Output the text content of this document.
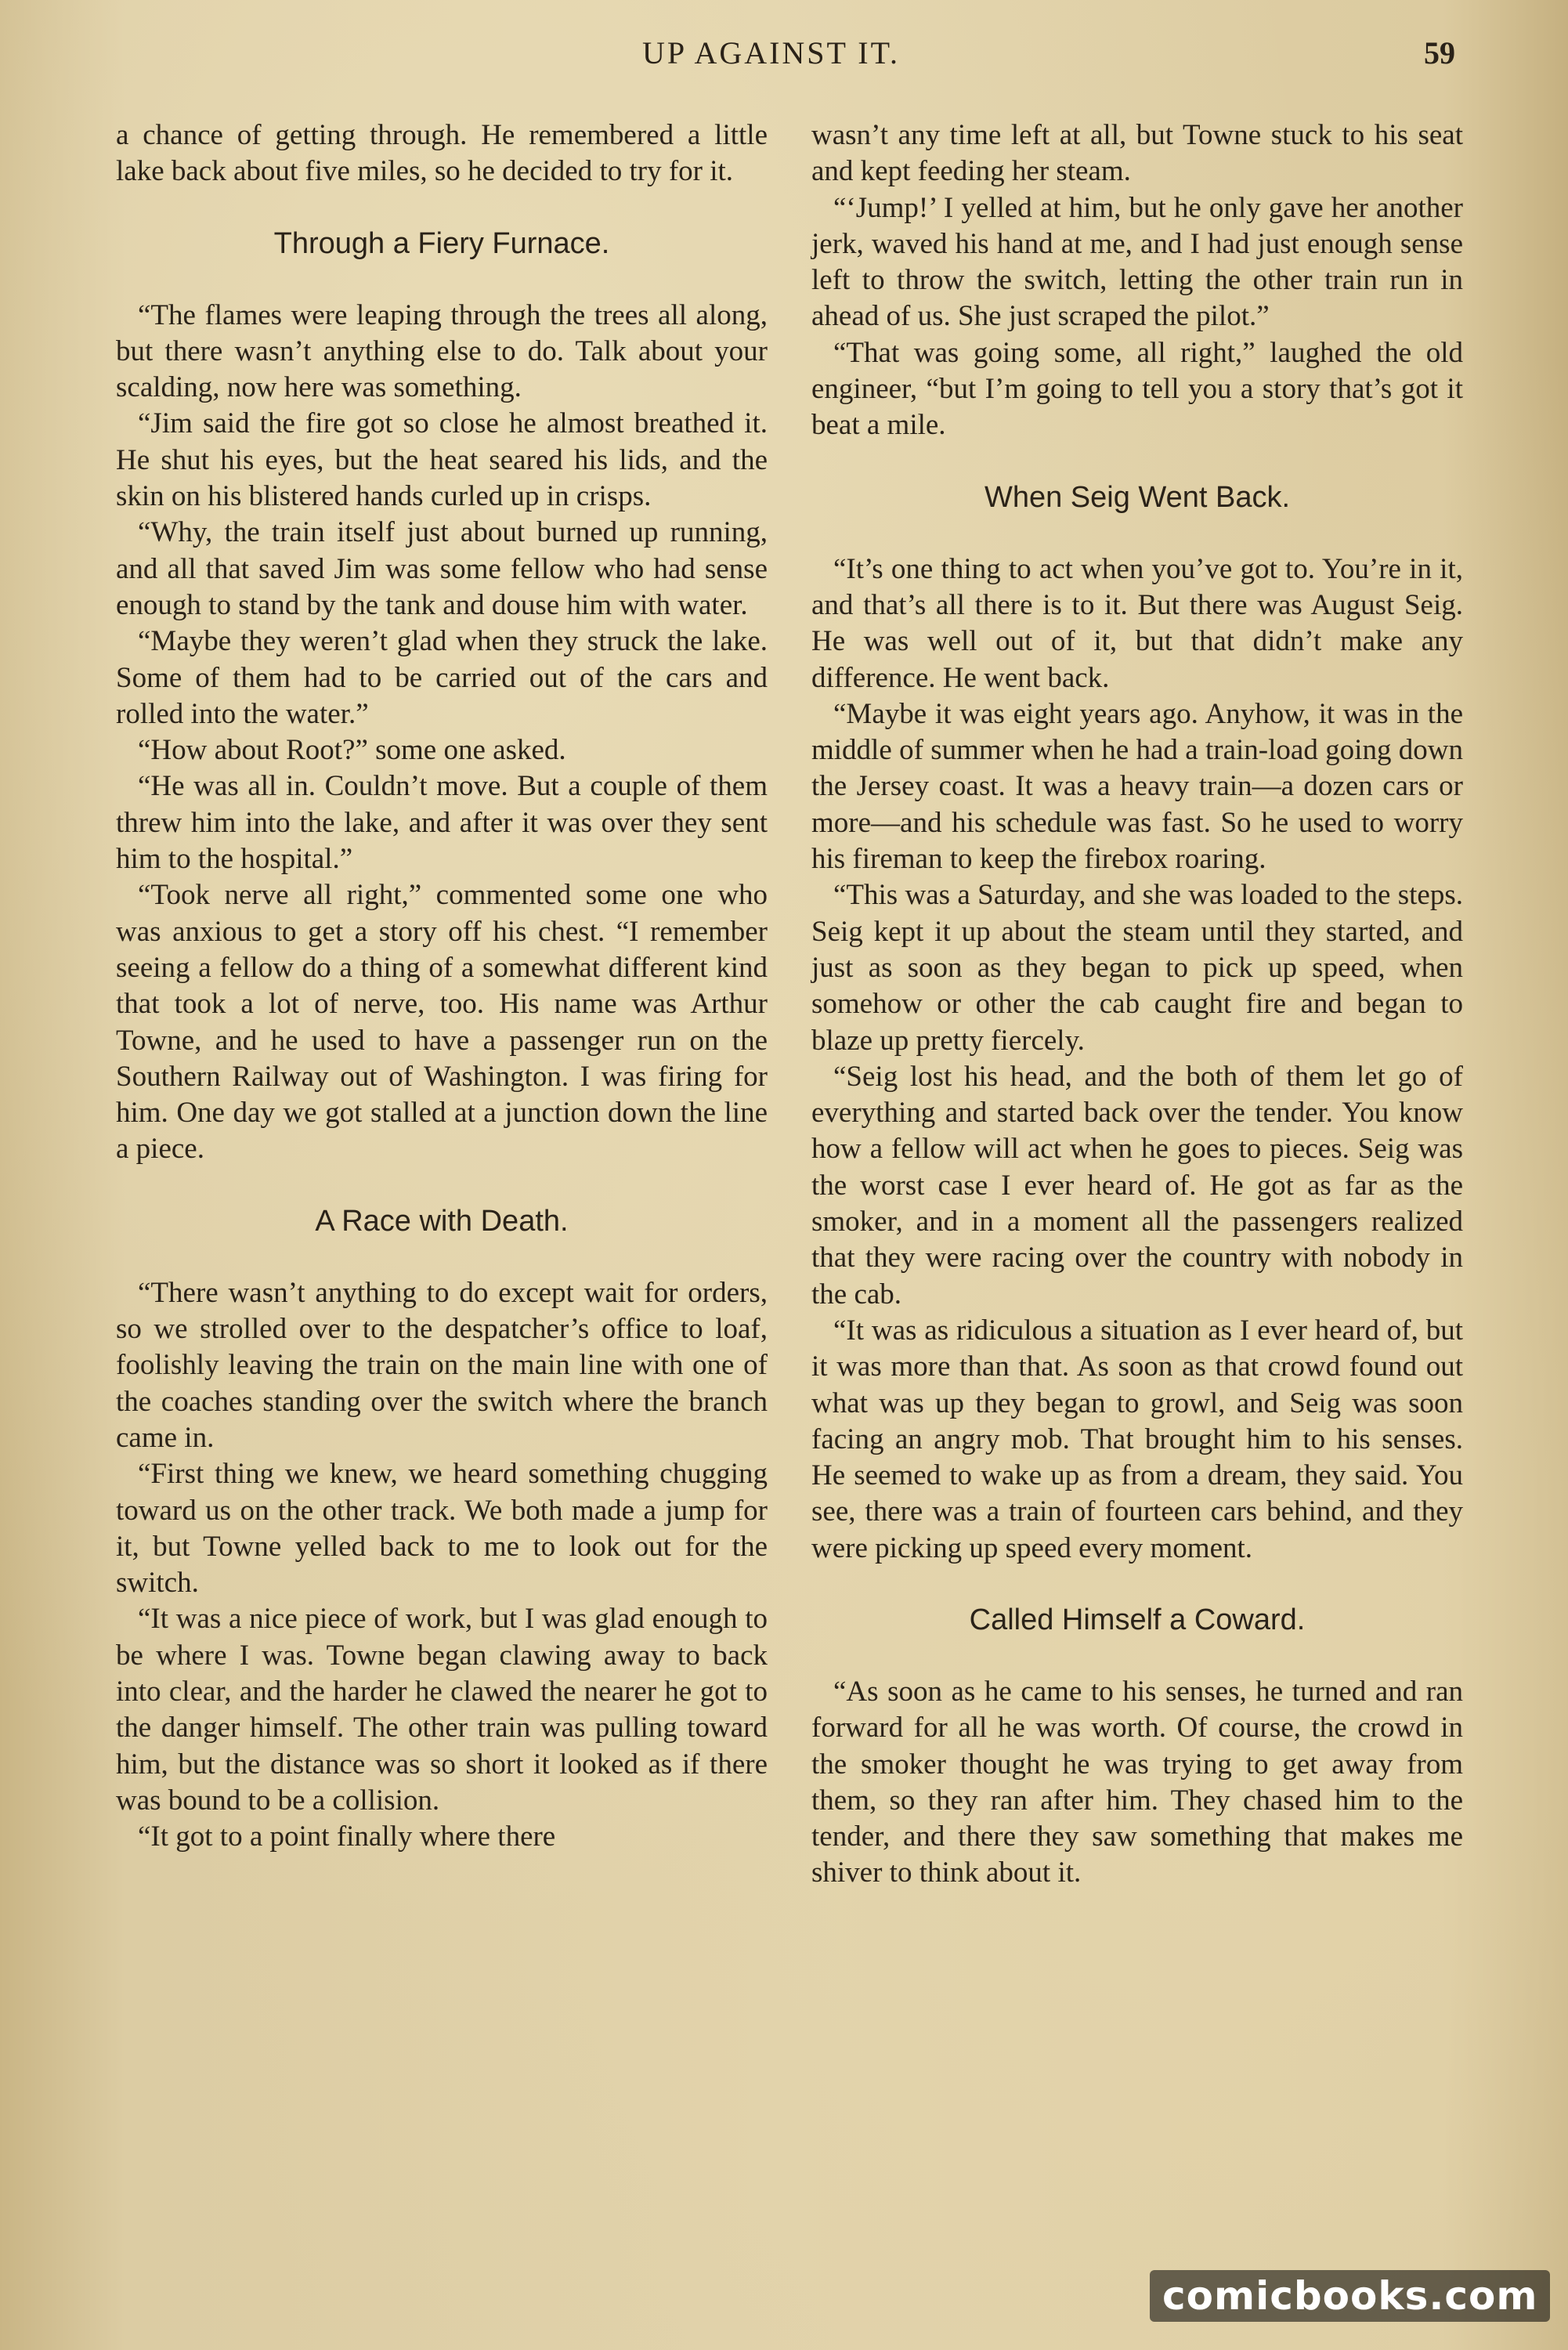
UP AGAINST IT.	59

a chance of getting through. He remembered a little lake back about five miles, so he decided to try for it.

Through a Fiery Furnace.

“The flames were leaping through the trees all along, but there wasn’t anything else to do. Talk about your scalding, now here was something.

“Jim said the fire got so close he almost breathed it. He shut his eyes, but the heat seared his lids, and the skin on his blistered hands curled up in crisps.

“Why, the train itself just about burned up running, and all that saved Jim was some fellow who had sense enough to stand by the tank and douse him with water.

“Maybe they weren’t glad when they struck the lake. Some of them had to be carried out of the cars and rolled into the water.”

“How about Root?” some one asked.

“He was all in. Couldn’t move. But a couple of them threw him into the lake, and after it was over they sent him to the hospital.”

“Took nerve all right,” commented some one who was anxious to get a story off his chest. “I remember seeing a fellow do a thing of a somewhat different kind that took a lot of nerve, too. His name was Arthur Towne, and he used to have a passenger run on the Southern Railway out of Washington. I was firing for him. One day we got stalled at a junction down the line a piece.

A Race with Death.

“There wasn’t anything to do except wait for orders, so we strolled over to the despatcher’s office to loaf, foolishly leaving the train on the main line with one of the coaches standing over the switch where the branch came in.

“First thing we knew, we heard something chugging toward us on the other track. We both made a jump for it, but Towne yelled back to me to look out for the switch.

“It was a nice piece of work, but I was glad enough to be where I was. Towne began clawing away to back into clear, and the harder he clawed the nearer he got to the danger himself. The other train was pulling toward him, but the distance was so short it looked as if there was bound to be a collision.

“It got to a point finally where there

wasn’t any time left at all, but Towne stuck to his seat and kept feeding her steam.

“‘Jump!’ I yelled at him, but he only gave her another jerk, waved his hand at me, and I had just enough sense left to throw the switch, letting the other train run in ahead of us. She just scraped the pilot.”

“That was going some, all right,” laughed the old engineer, “but I’m going to tell you a story that’s got it beat a mile.

When Seig Went Back.

“It’s one thing to act when you’ve got to. You’re in it, and that’s all there is to it. But there was August Seig. He was well out of it, but that didn’t make any difference. He went back.

“Maybe it was eight years ago. Anyhow, it was in the middle of summer when he had a train-load going down the Jersey coast. It was a heavy train—a dozen cars or more—and his schedule was fast. So he used to worry his fireman to keep the firebox roaring.

“This was a Saturday, and she was loaded to the steps. Seig kept it up about the steam until they started, and just as soon as they began to pick up speed, when somehow or other the cab caught fire and began to blaze up pretty fiercely.

“Seig lost his head, and the both of them let go of everything and started back over the tender. You know how a fellow will act when he goes to pieces. Seig was the worst case I ever heard of. He got as far as the smoker, and in a moment all the passengers realized that they were racing over the country with nobody in the cab.

“It was as ridiculous a situation as I ever heard of, but it was more than that. As soon as that crowd found out what was up they began to growl, and Seig was soon facing an angry mob. That brought him to his senses. He seemed to wake up as from a dream, they said. You see, there was a train of fourteen cars behind, and they were picking up speed every moment.

Called Himself a Coward.

“As soon as he came to his senses, he turned and ran forward for all he was worth. Of course, the crowd in the smoker thought he was trying to get away from them, so they ran after him. They chased him to the tender, and there they saw something that makes me shiver to think about it.

comicbooks.com
